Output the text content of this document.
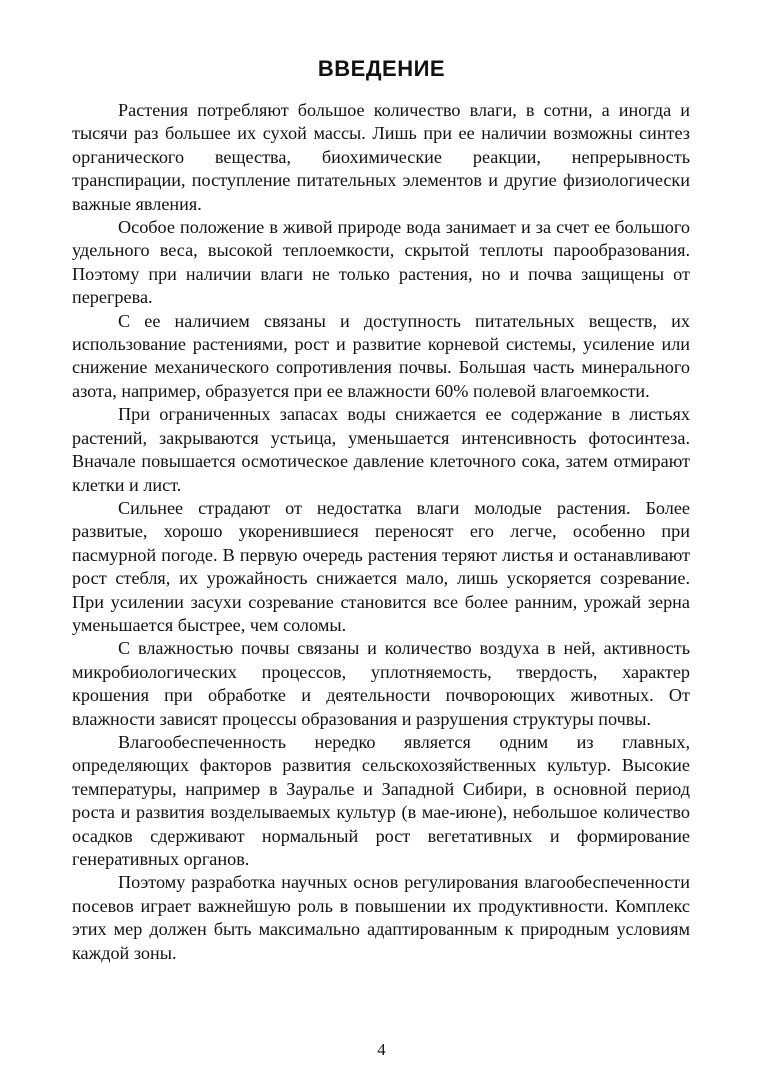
ВВЕДЕНИЕ

Растения потребляют большое количество влаги, в сотни, а иногда и тысячи раз большее их сухой массы. Лишь при ее наличии возможны синтез органического вещества, биохимические реакции, непрерывность транспирации, поступление питательных элементов и другие физиологически важные явления.

Особое положение в живой природе вода занимает и за счет ее большого удельного веса, высокой теплоемкости, скрытой теплоты парообразования. Поэтому при наличии влаги не только растения, но и почва защищены от перегрева.

С ее наличием связаны и доступность питательных веществ, их использование растениями, рост и развитие корневой системы, усиление или снижение механического сопротивления почвы. Большая часть минерального азота, например, образуется при ее влажности 60% полевой влагоемкости.

При ограниченных запасах воды снижается ее содержание в листьях растений, закрываются устьица, уменьшается интенсивность фотосинтеза. Вначале повышается осмотическое давление клеточного сока, затем отмирают клетки и лист.

Сильнее страдают от недостатка влаги молодые растения. Более развитые, хорошо укоренившиеся переносят его легче, особенно при пасмурной погоде. В первую очередь растения теряют листья и останавливают рост стебля, их урожайность снижается мало, лишь ускоряется созревание. При усилении засухи созревание становится все более ранним, урожай зерна уменьшается быстрее, чем соломы.

С влажностью почвы связаны и количество воздуха в ней, активность микробиологических процессов, уплотняемость, твердость, характер крошения при обработке и деятельности почворoющих животных. От влажности зависят процессы образования и разрушения структуры почвы.

Влагообеспеченность нередко является одним из главных, определяющих факторов развития сельскохозяйственных культур. Высокие температуры, например в Зауралье и Западной Сибири, в основной период роста и развития возделываемых культур (в мае-июне), небольшое количество осадков сдерживают нормальный рост вегетативных и формирование генеративных органов.

Поэтому разработка научных основ регулирования влагообеспеченности посевов играет важнейшую роль в повышении их продуктивности. Комплекс этих мер должен быть максимально адаптированным к природным условиям каждой зоны.

4
